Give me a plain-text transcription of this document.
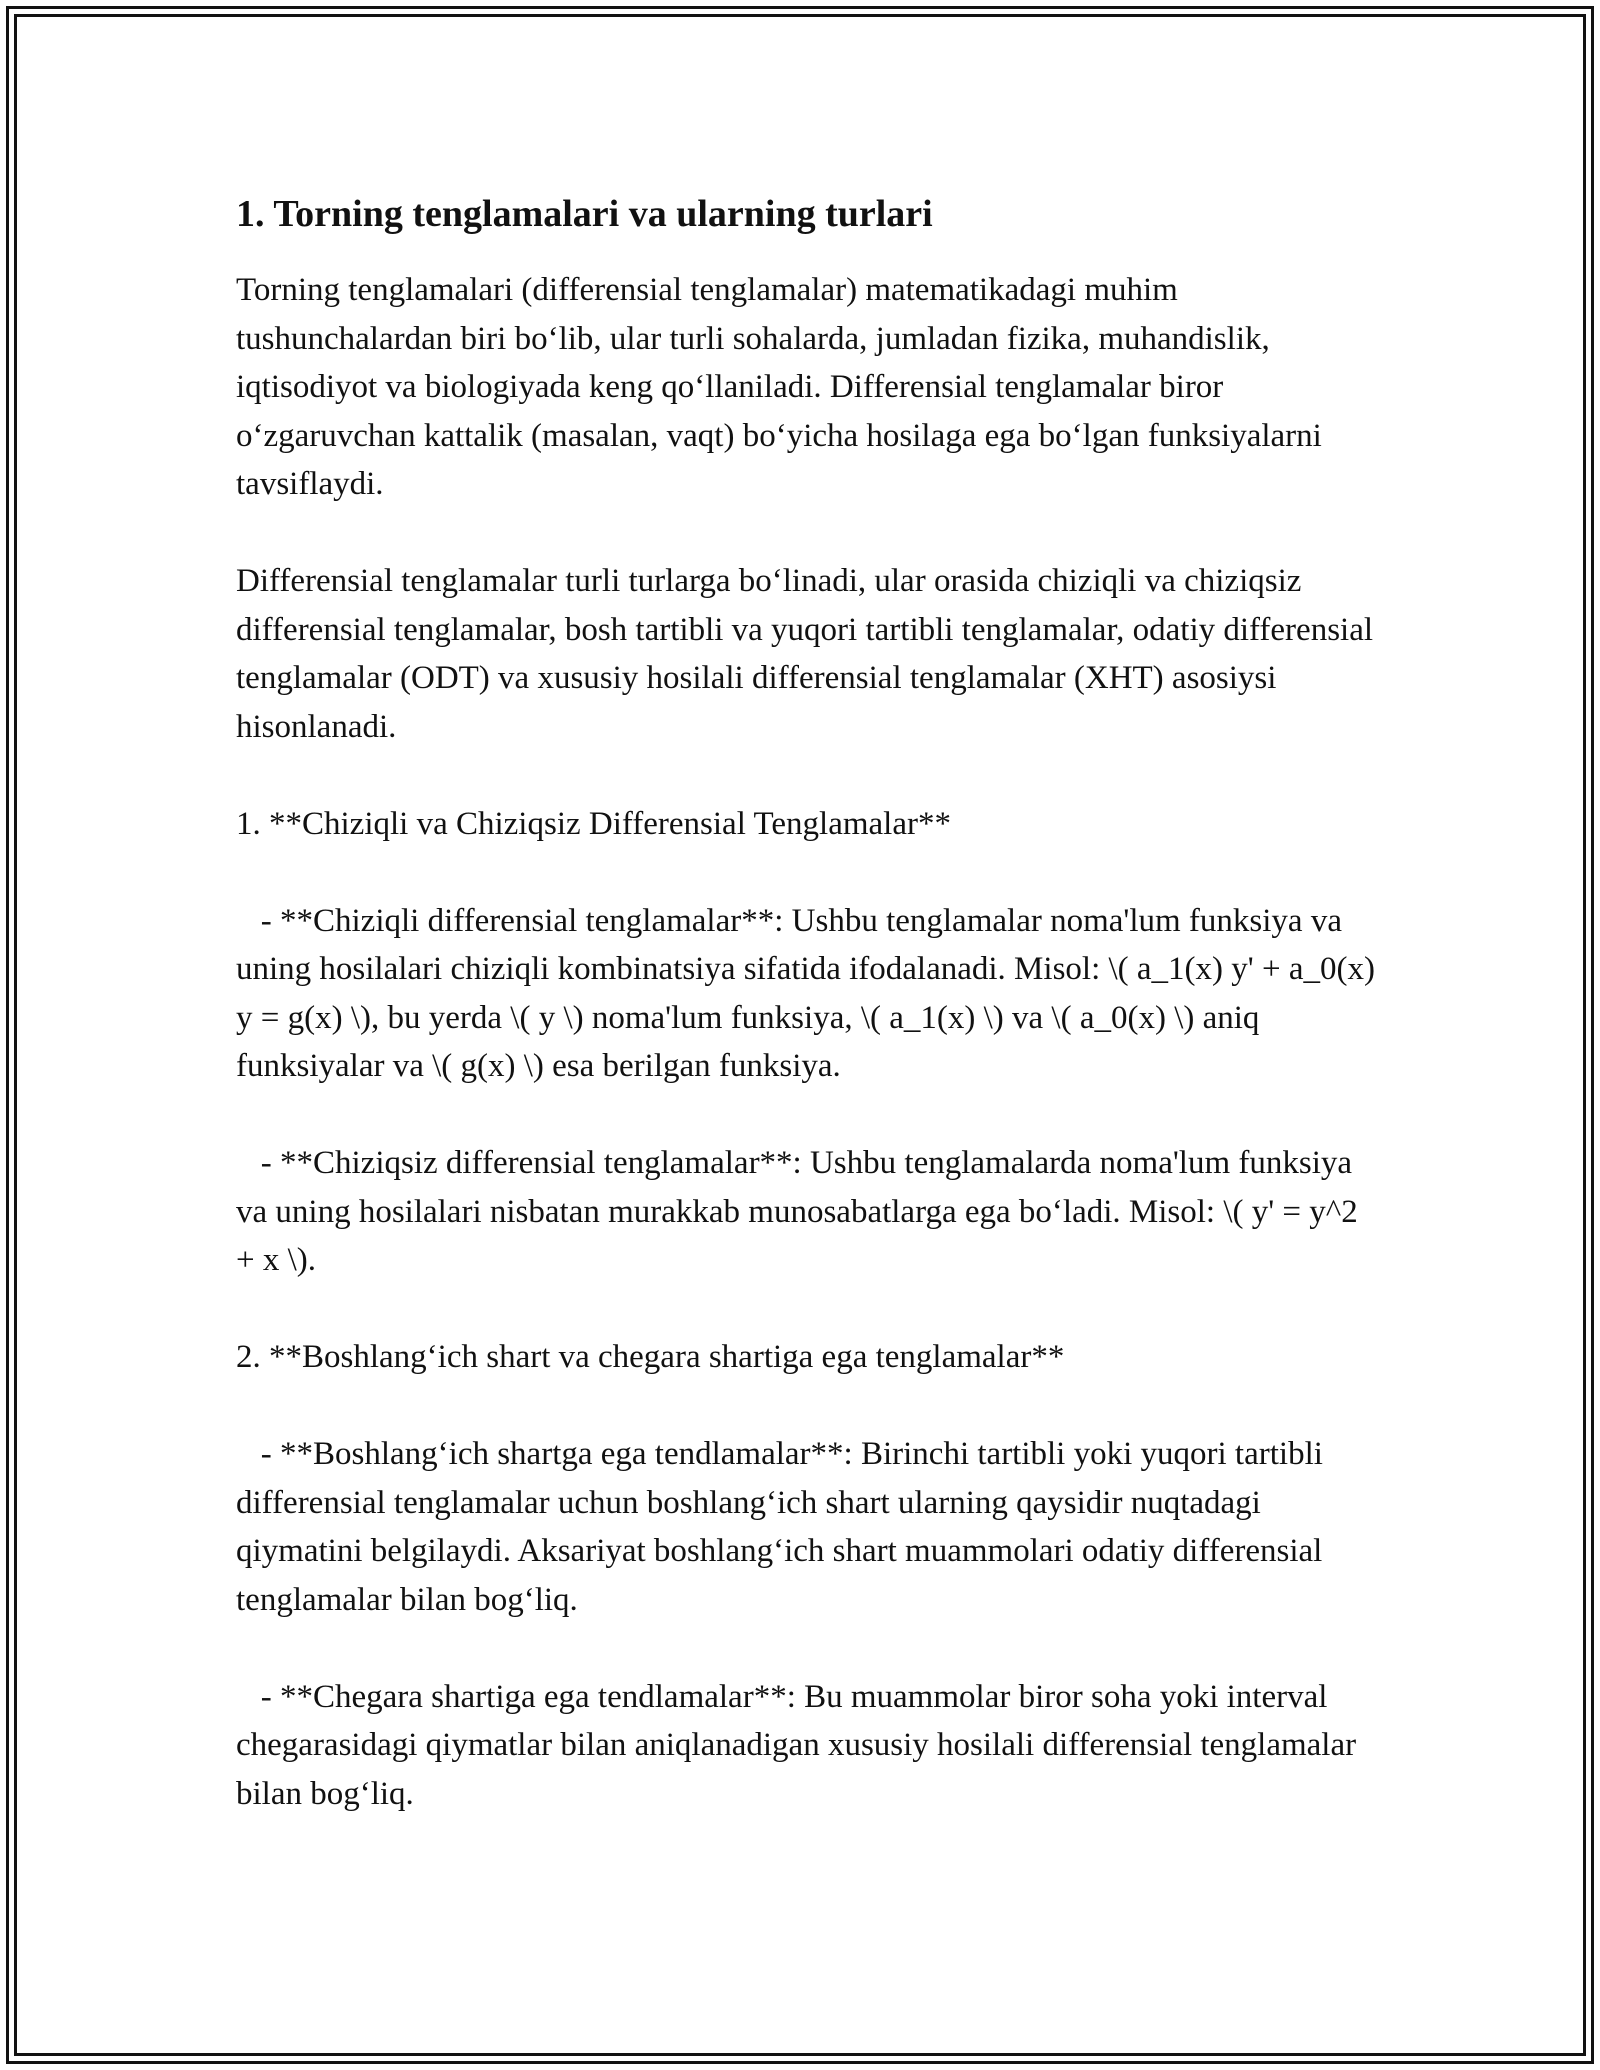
1. Torning tenglamalari va ularning turlari

Torning tenglamalari (differensial tenglamalar) matematikadagi muhim tushunchalardan biri bo‘lib, ular turli sohalarda, jumladan fizika, muhandislik, iqtisodiyot va biologiyada keng qo‘llaniladi. Differensial tenglamalar biror o‘zgaruvchan kattalik (masalan, vaqt) bo‘yicha hosilaga ega bo‘lgan funksiyalarni tavsiflaydi.

Differensial tenglamalar turli turlarga bo‘linadi, ular orasida chiziqli va chiziqsiz differensial tenglamalar, bosh tartibli va yuqori tartibli tenglamalar, odatiy differensial tenglamalar (ODT) va xususiy hosilali differensial tenglamalar (XHT) asosiysi hisonlanadi.

1. **Chiziqli va Chiziqsiz Differensial Tenglamalar**

- **Chiziqli differensial tenglamalar**: Ushbu tenglamalar noma'lum funksiya va uning hosilalari chiziqli kombinatsiya sifatida ifodalanadi. Misol: \( a_1(x) y' + a_0(x) y = g(x) \), bu yerda \( y \) noma'lum funksiya, \( a_1(x) \) va \( a_0(x) \) aniq funksiyalar va \( g(x) \) esa berilgan funksiya.

- **Chiziqsiz differensial tenglamalar**: Ushbu tenglamalarda noma'lum funksiya va uning hosilalari nisbatan murakkab munosabatlarga ega bo‘ladi. Misol: \( y' = y^2 + x \).

2. **Boshlang‘ich shart va chegara shartiga ega tenglamalar**

- **Boshlang‘ich shartga ega tendlamalar**: Birinchi tartibli yoki yuqori tartibli differensial tenglamalar uchun boshlang‘ich shart ularning qaysidir nuqtadagi qiymatini belgilaydi. Aksariyat boshlang‘ich shart muammolari odatiy differensial tenglamalar bilan bog‘liq.

- **Chegara shartiga ega tendlamalar**: Bu muammolar biror soha yoki interval chegarasidagi qiymatlar bilan aniqlanadigan xususiy hosilali differensial tenglamalar bilan bog‘liq.
